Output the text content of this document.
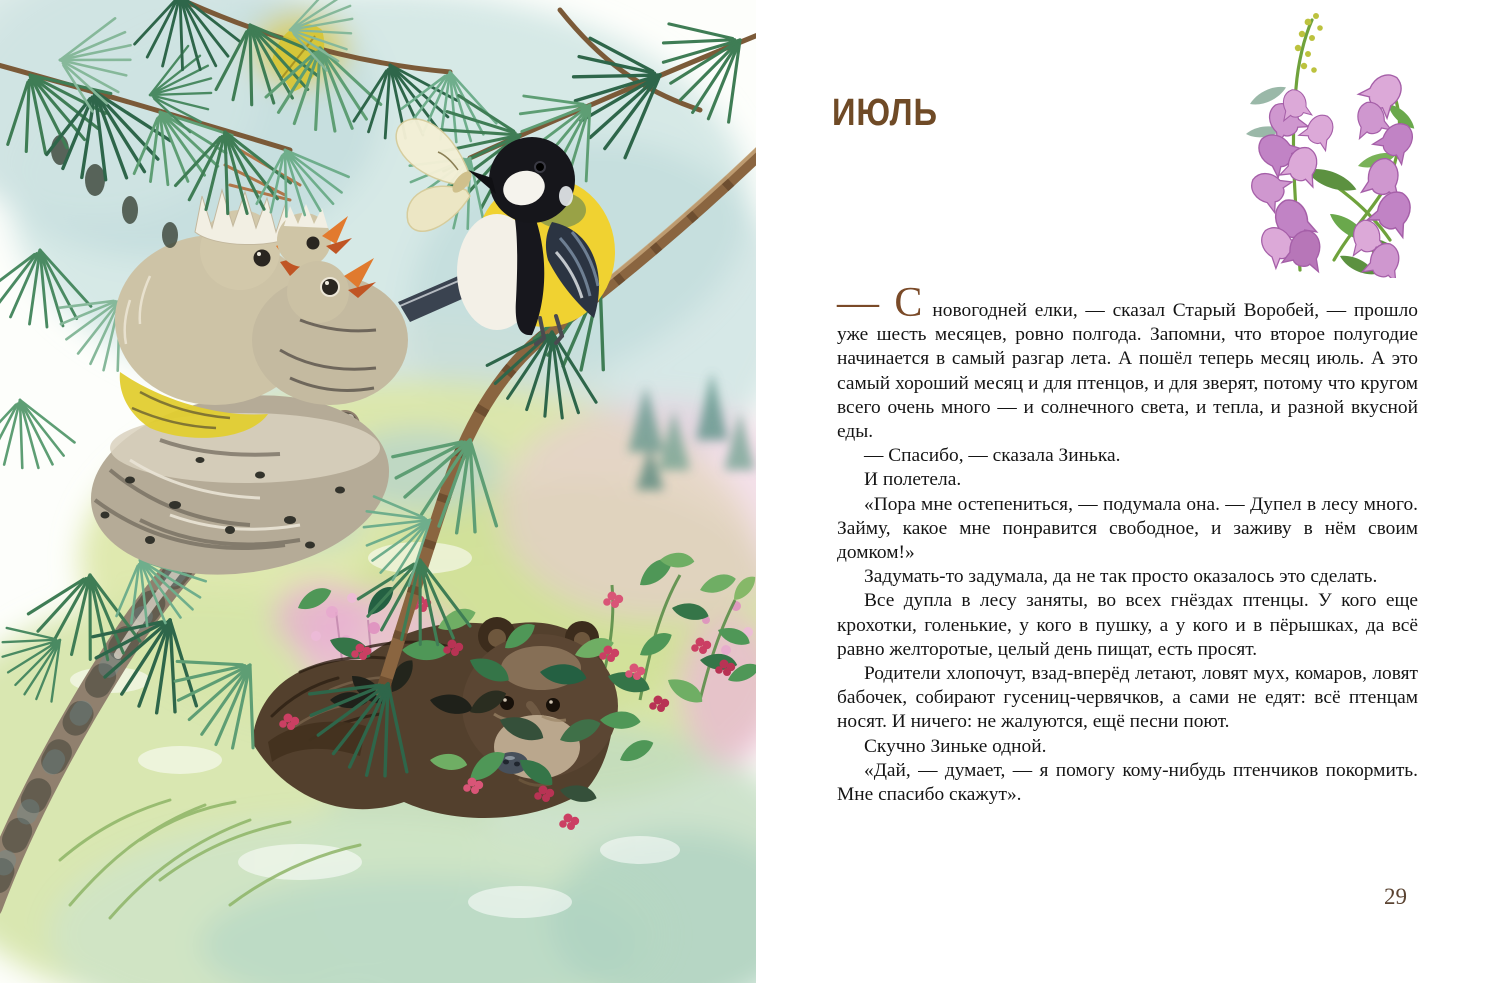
ИЮЛЬ

— С новогодней елки, — сказал Старый Воробей, — прошло уже шесть месяцев, ровно полгода. Запомни, что второе полугодие начинается в самый разгар лета. А пошёл теперь месяц июль. А это самый хороший месяц и для птенцов, и для зверят, потому что кругом всего очень много — и солнечного света, и тепла, и разной вкусной еды.

— Спасибо, — сказала Зинька.

И полетела.

«Пора мне остепениться, — подумала она. — Дупел в лесу много. Займу, какое мне понравится свободное, и заживу в нём своим домком!»

Задумать-то задумала, да не так просто оказалось это сделать.

Все дупла в лесу заняты, во всех гнёздах птенцы. У кого еще крохотки, голенькие, у кого в пушку, а у кого и в пёрышках, да всё равно желторотые, целый день пищат, есть просят.

Родители хлопочут, взад-вперёд летают, ловят мух, комаров, ловят бабочек, собирают гусениц-червячков, а сами не едят: всё птенцам носят. И ничего: не жалуются, ещё песни поют.

Скучно Зиньке одной.

«Дай, — думает, — я помогу кому-нибудь птенчиков покормить. Мне спасибо скажут».

29
